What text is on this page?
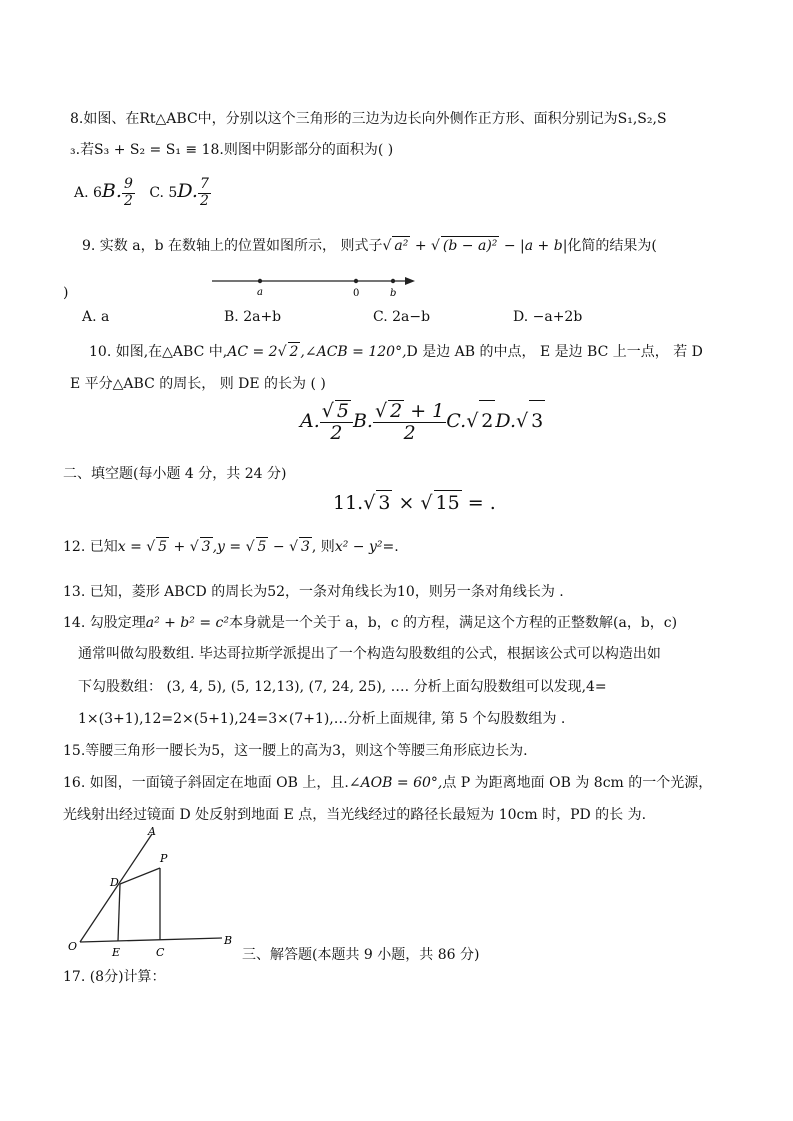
8.如图、在Rt△ABC中，分别以这个三角形的三边为边长向外侧作正方形、面积分别记为S₁,S₂,S
₃.若S₃ + S₂ = S₁ ≡ 18.则图中阴影部分的面积为( )
A. 6B. $\frac{9}{2} C$. 5D. $\frac{7}{2}$
9. 实数 a，b 在数轴上的位置如图所示， 则式子√ a² + √ (b − a)² − |a + b|化简的结果为(
)	a	0	b
A. a	B. 2a+b	C. 2a−b	D. −a+2b
10. 如图,在△ABC 中,AC = 2√ 2 ,∠ACB = 120°,D 是边 AB 的中点， E 是边 BC 上一点， 若 D
E 平分△ABC 的周长， 则 DE 的长为 ( )
A. $\frac{√ 5}{2} B$. $\frac{√ 2 + 1}{2} C.√$ 2 D.√ 3
二、填空题(每小题 4 分，共 24 分)
11.√ 3 × √ 15 = .
12. 已知x = √ 5 + √ 3 ,y = √ 5 − √ 3 , 则x² − y²=.
13. 已知，菱形 ABCD 的周长为52，一条对角线长为10，则另一条对角线长为 .
14. 勾股定理a² + b² = c²本身就是一个关于 a，b，c 的方程，满足这个方程的正整数解(a，b，c)
通常叫做勾股数组. 毕达哥拉斯学派提出了一个构造勾股数组的公式，根据该公式可以构造出如
下勾股数组： (3, 4, 5), (5, 12,13), (7, 24, 25), …. 分析上面勾股数组可以发现,4=
1×(3+1),12=2×(5+1),24=3×(7+1),…分析上面规律, 第 5 个勾股数组为 .
15.等腰三角形一腰长为5，这一腰上的高为3，则这个等腰三角形底边长为.
16. 如图，一面镜子斜固定在地面 OB 上，且.∠AOB = 60°,点 P 为距离地面 OB 为 8cm 的一个光源，
光线射出经过镜面 D 处反射到地面 E 点，当光线经过的路径长最短为 10cm 时，PD 的长 为.
A
P
D
O	E	C
B
三、解答题(本题共 9 小题，共 86 分)
17. (8分)计算：
